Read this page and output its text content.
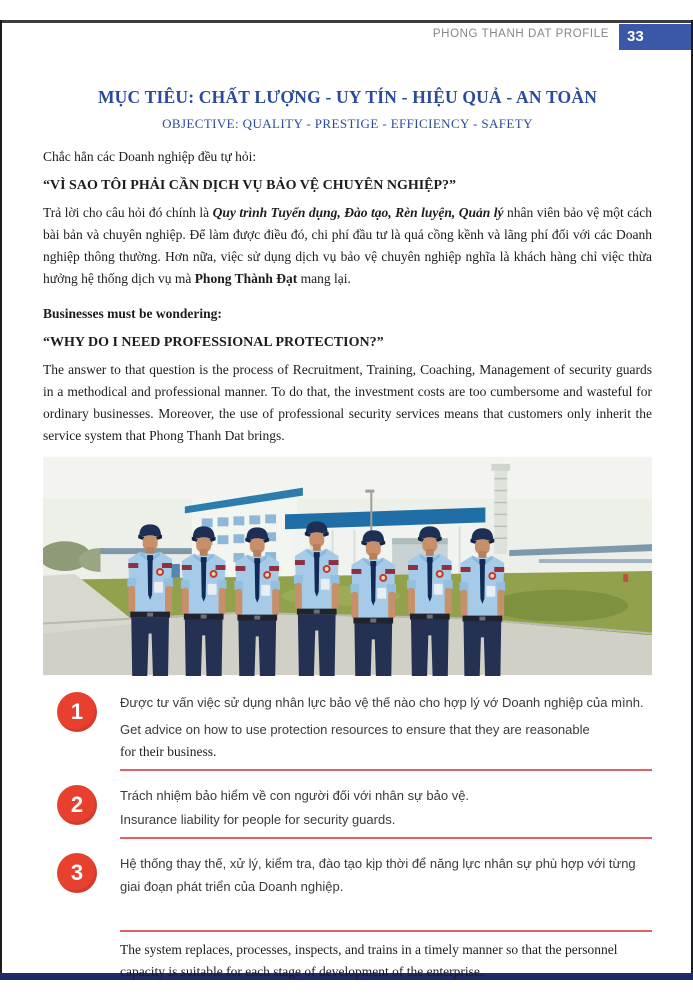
PHONG THANH DAT PROFILE	33
MỤC TIÊU: CHẤT LƯỢNG - UY TÍN - HIỆU QUẢ - AN TOÀN
OBJECTIVE: QUALITY - PRESTIGE - EFFICIENCY - SAFETY

Chắc hẳn các Doanh nghiệp đều tự hỏi:

“VÌ SAO TÔI PHẢI CẦN DỊCH VỤ BẢO VỆ CHUYÊN NGHIỆP?”

Trả lời cho câu hỏi đó chính là Quy trình Tuyển dụng, Đào tạo, Rèn luyện, Quản lý nhân viên bảo vệ một cách bài bản và chuyên nghiệp. Để làm được điều đó, chi phí đầu tư là quá cồng kềnh và lãng phí đối với các Doanh nghiệp thông thường. Hơn nữa, việc sử dụng dịch vụ bảo vệ chuyên nghiệp nghĩa là khách hàng chỉ việc thừa hưởng hệ thống dịch vụ mà Phong Thành Đạt mang lại.

Businesses must be wondering:

“WHY DO I NEED PROFESSIONAL PROTECTION?”

The answer to that question is the process of Recruitment, Training, Coaching, Management of security guards in a methodical and professional manner. To do that, the investment costs are too cumbersome and wasteful for ordinary businesses. Moreover, the use of professional security services means that customers only inherit the service system that Phong Thanh Dat brings.

1	Được tư vấn việc sử dụng nhân lực bảo vệ thế nào cho hợp lý vớ Doanh nghiệp của mình.
Get advice on how to use protection resources to ensure that they are reasonable
for their business.
2	Trách nhiệm bảo hiểm về con người đối với nhân sự bảo vệ.
Insurance liability for people for security guards.
3	Hệ thống thay thế, xử lý, kiểm tra, đào tạo kịp thời để năng lực nhân sự phù hợp với từng giai đoạn phát triển của Doanh nghiệp.
The system replaces, processes, inspects, and trains in a timely manner so that the personnel capacity is suitable for each stage of development of the enterprise.
